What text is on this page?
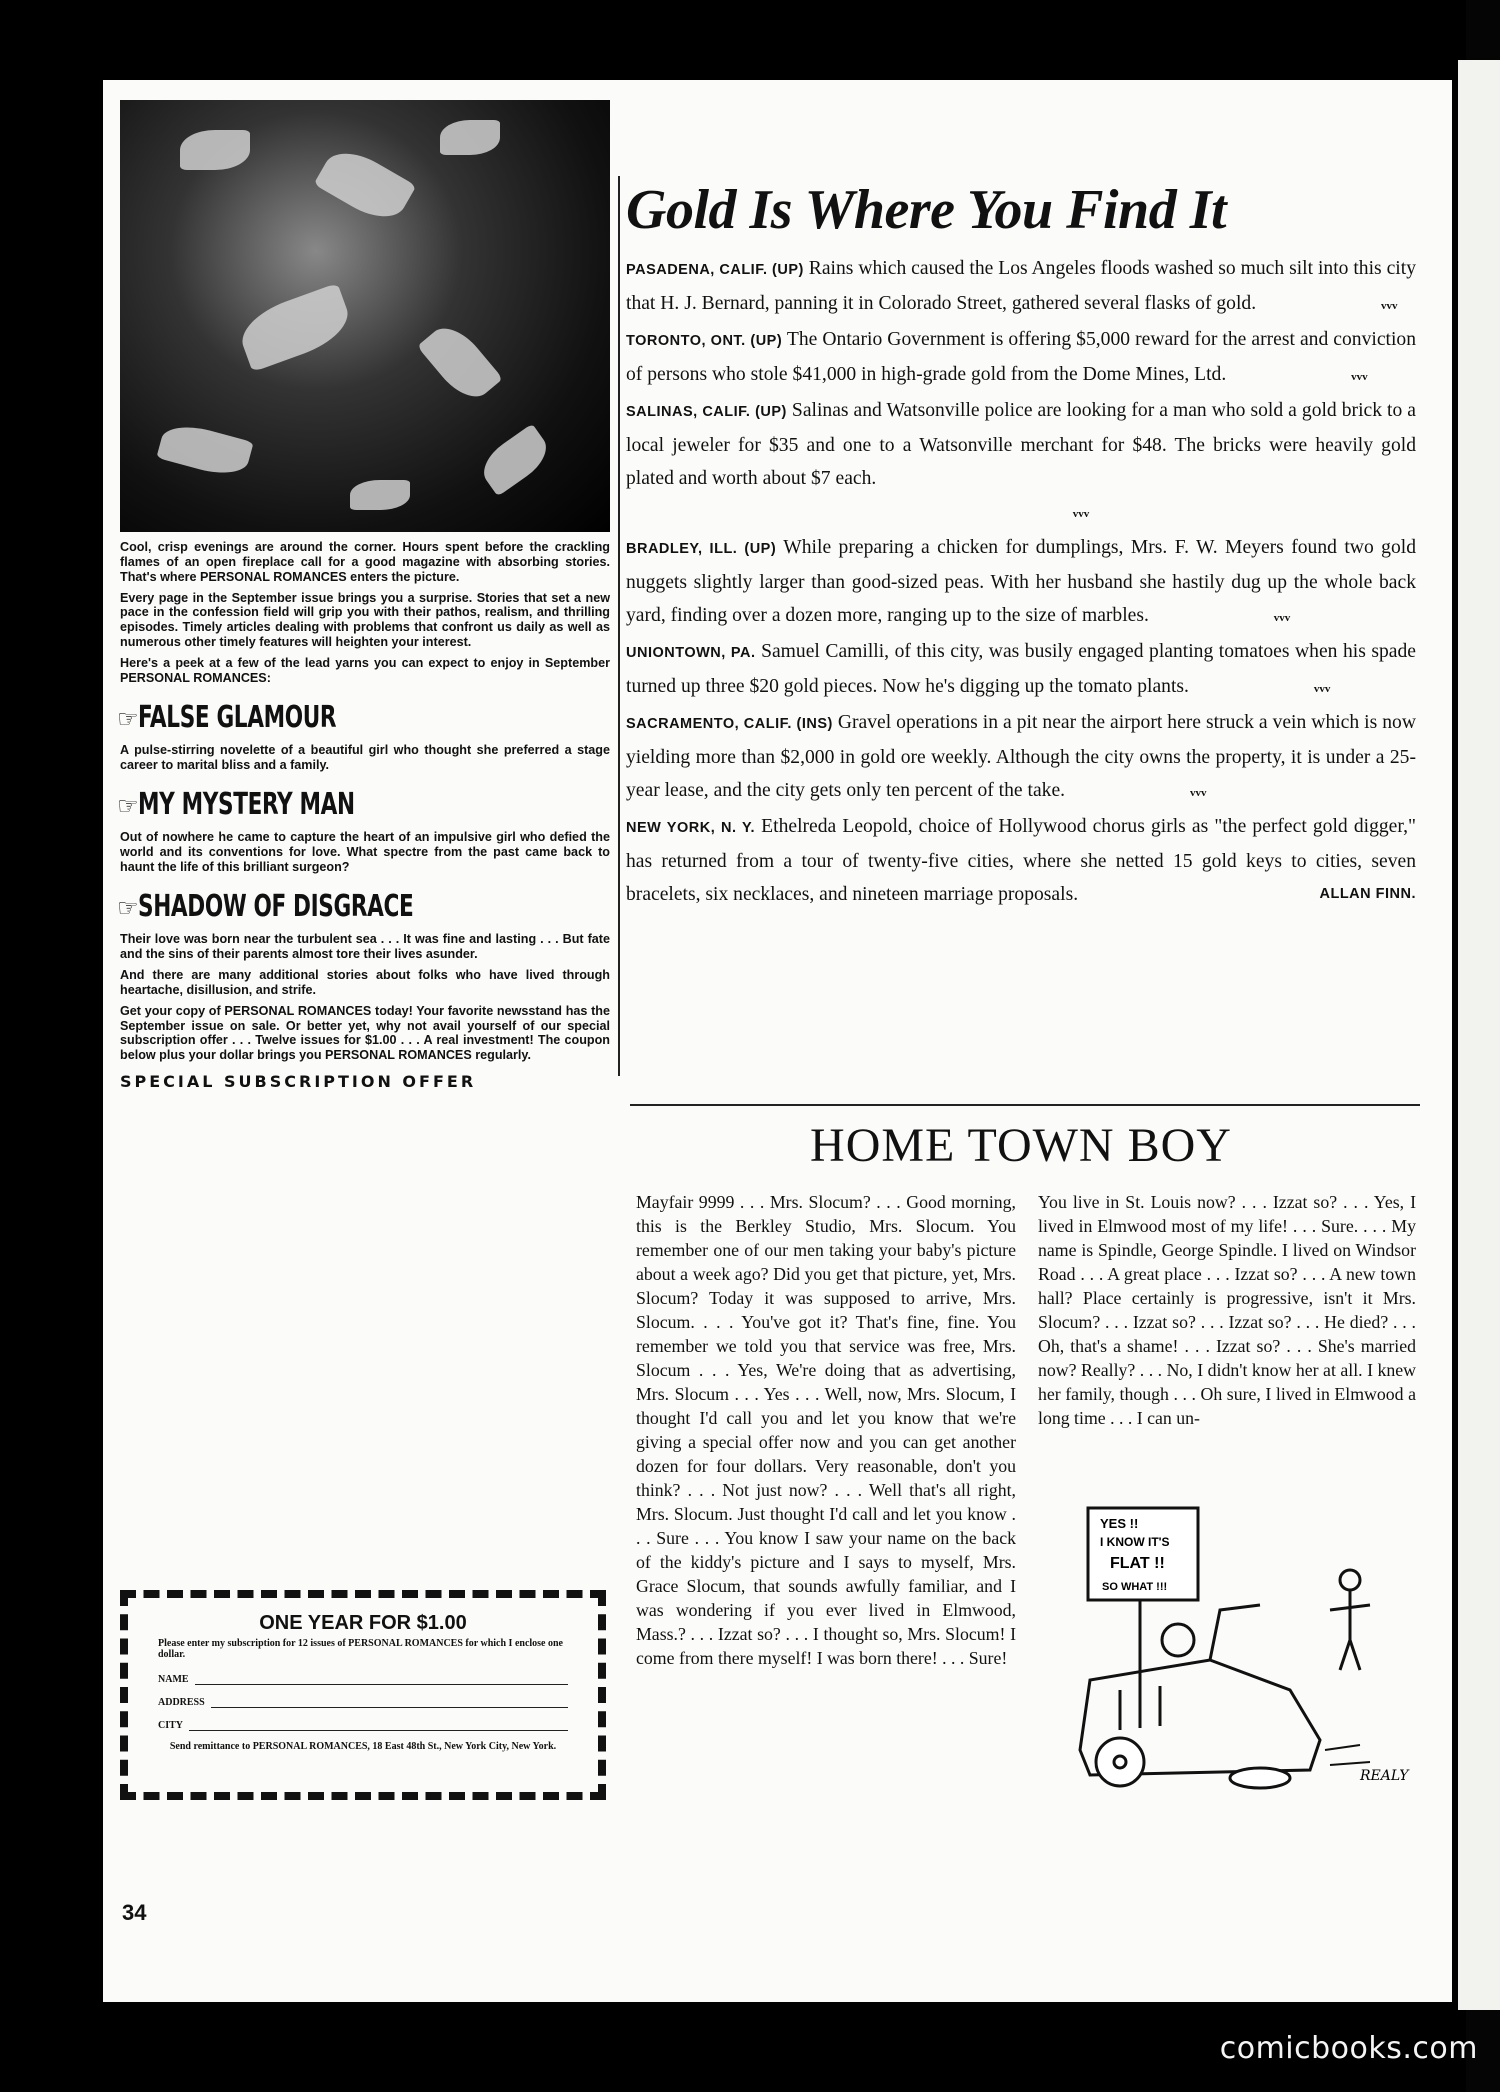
Cool, crisp evenings are around the corner. Hours spent before the crackling flames of an open fireplace call for a good magazine with absorbing stories. That's where PERSONAL ROMANCES enters the picture.

Every page in the September issue brings you a surprise. Stories that set a new pace in the confession field will grip you with their pathos, realism, and thrilling episodes. Timely articles dealing with problems that confront us daily as well as numerous other timely features will heighten your interest.

Here's a peek at a few of the lead yarns you can expect to enjoy in September PERSONAL ROMANCES:

☞FALSE GLAMOUR

A pulse-stirring novelette of a beautiful girl who thought she preferred a stage career to marital bliss and a family.

☞MY MYSTERY MAN

Out of nowhere he came to capture the heart of an impulsive girl who defied the world and its conventions for love. What spectre from the past came back to haunt the life of this brilliant surgeon?

☞SHADOW OF DISGRACE

Their love was born near the turbulent sea . . . It was fine and lasting . . . But fate and the sins of their parents almost tore their lives asunder.

And there are many additional stories about folks who have lived through heartache, disillusion, and strife.

Get your copy of PERSONAL ROMANCES today! Your favorite newsstand has the September issue on sale. Or better yet, why not avail yourself of our special subscription offer . . . Twelve issues for $1.00 . . . A real investment! The coupon below plus your dollar brings you PERSONAL ROMANCES regularly.

SPECIAL SUBSCRIPTION OFFER
ONE YEAR FOR $1.00
Please enter my subscription for 12 issues of PERSONAL ROMANCES for which I enclose one dollar.
NAME
ADDRESS
CITY
Send remittance to PERSONAL ROMANCES, 18 East 48th St., New York City, New York.
34
Gold Is Where You Find It

PASADENA, CALIF. (UP) Rains which caused the Los Angeles floods washed so much silt into this city that H. J. Bernard, panning it in Colorado Street, gathered several flasks of gold.	vvv

TORONTO, ONT. (UP) The Ontario Government is offering $5,000 reward for the arrest and conviction of persons who stole $41,000 in high-grade gold from the Dome Mines, Ltd.	vvv

SALINAS, CALIF. (UP) Salinas and Watsonville police are looking for a man who sold a gold brick to a local jeweler for $35 and one to a Watsonville merchant for $48. The bricks were heavily gold plated and worth about $7 each.

vvv

BRADLEY, ILL. (UP) While preparing a chicken for dumplings, Mrs. F. W. Meyers found two gold nuggets slightly larger than good-sized peas. With her husband she hastily dug up the whole back yard, finding over a dozen more, ranging up to the size of marbles.	vvv

UNIONTOWN, PA. Samuel Camilli, of this city, was busily engaged planting tomatoes when his spade turned up three $20 gold pieces. Now he's digging up the tomato plants.	vvv

SACRAMENTO, CALIF. (INS) Gravel operations in a pit near the airport here struck a vein which is now yielding more than $2,000 in gold ore weekly. Although the city owns the property, it is under a 25-year lease, and the city gets only ten percent of the take.	vvv

NEW YORK, N. Y. Ethelreda Leopold, choice of Hollywood chorus girls as "the perfect gold digger," has returned from a tour of twenty-five cities, where she netted 15 gold keys to cities, seven bracelets, six necklaces, and nineteen marriage proposals.	ALLAN FINN.

HOME TOWN BOY
Mayfair 9999 . . . Mrs. Slocum? . . . Good morning, this is the Berkley Studio, Mrs. Slocum. You remember one of our men taking your baby's picture about a week ago? Did you get that picture, yet, Mrs. Slocum? Today it was supposed to arrive, Mrs. Slocum. . . . You've got it? That's fine, fine. You remember we told you that service was free, Mrs. Slocum . . . Yes, We're doing that as advertising, Mrs. Slocum . . . Yes . . . Well, now, Mrs. Slocum, I thought I'd call you and let you know that we're giving a special offer now and you can get another dozen for four dollars. Very reasonable, don't you think? . . . Not just now? . . . Well that's all right, Mrs. Slocum. Just thought I'd call and let you know . . . Sure . . . You know I saw your name on the back of the kiddy's picture and I says to myself, Mrs. Grace Slocum, that sounds awfully familiar, and I was wondering if you ever lived in Elmwood, Mass.? . . . Izzat so? . . . I thought so, Mrs. Slocum! I come from there myself! I was born there! . . . Sure!
You live in St. Louis now? . . . Izzat so? . . . Yes, I lived in Elmwood most of my life! . . . Sure. . . . My name is Spindle, George Spindle. I lived on Windsor Road . . . A great place . . . Izzat so? . . . A new town hall? Place certainly is progressive, isn't it Mrs. Slocum? . . . Izzat so? . . . Izzat so? . . . He died? . . . Oh, that's a shame! . . . Izzat so? . . . She's married now? Really? . . . No, I didn't know her at all. I knew her family, though . . . Oh sure, I lived in Elmwood a long time . . . I can un-
YES !!
I KNOW IT'S
FLAT !!
SO WHAT !!!
REALY
comicbooks.com
